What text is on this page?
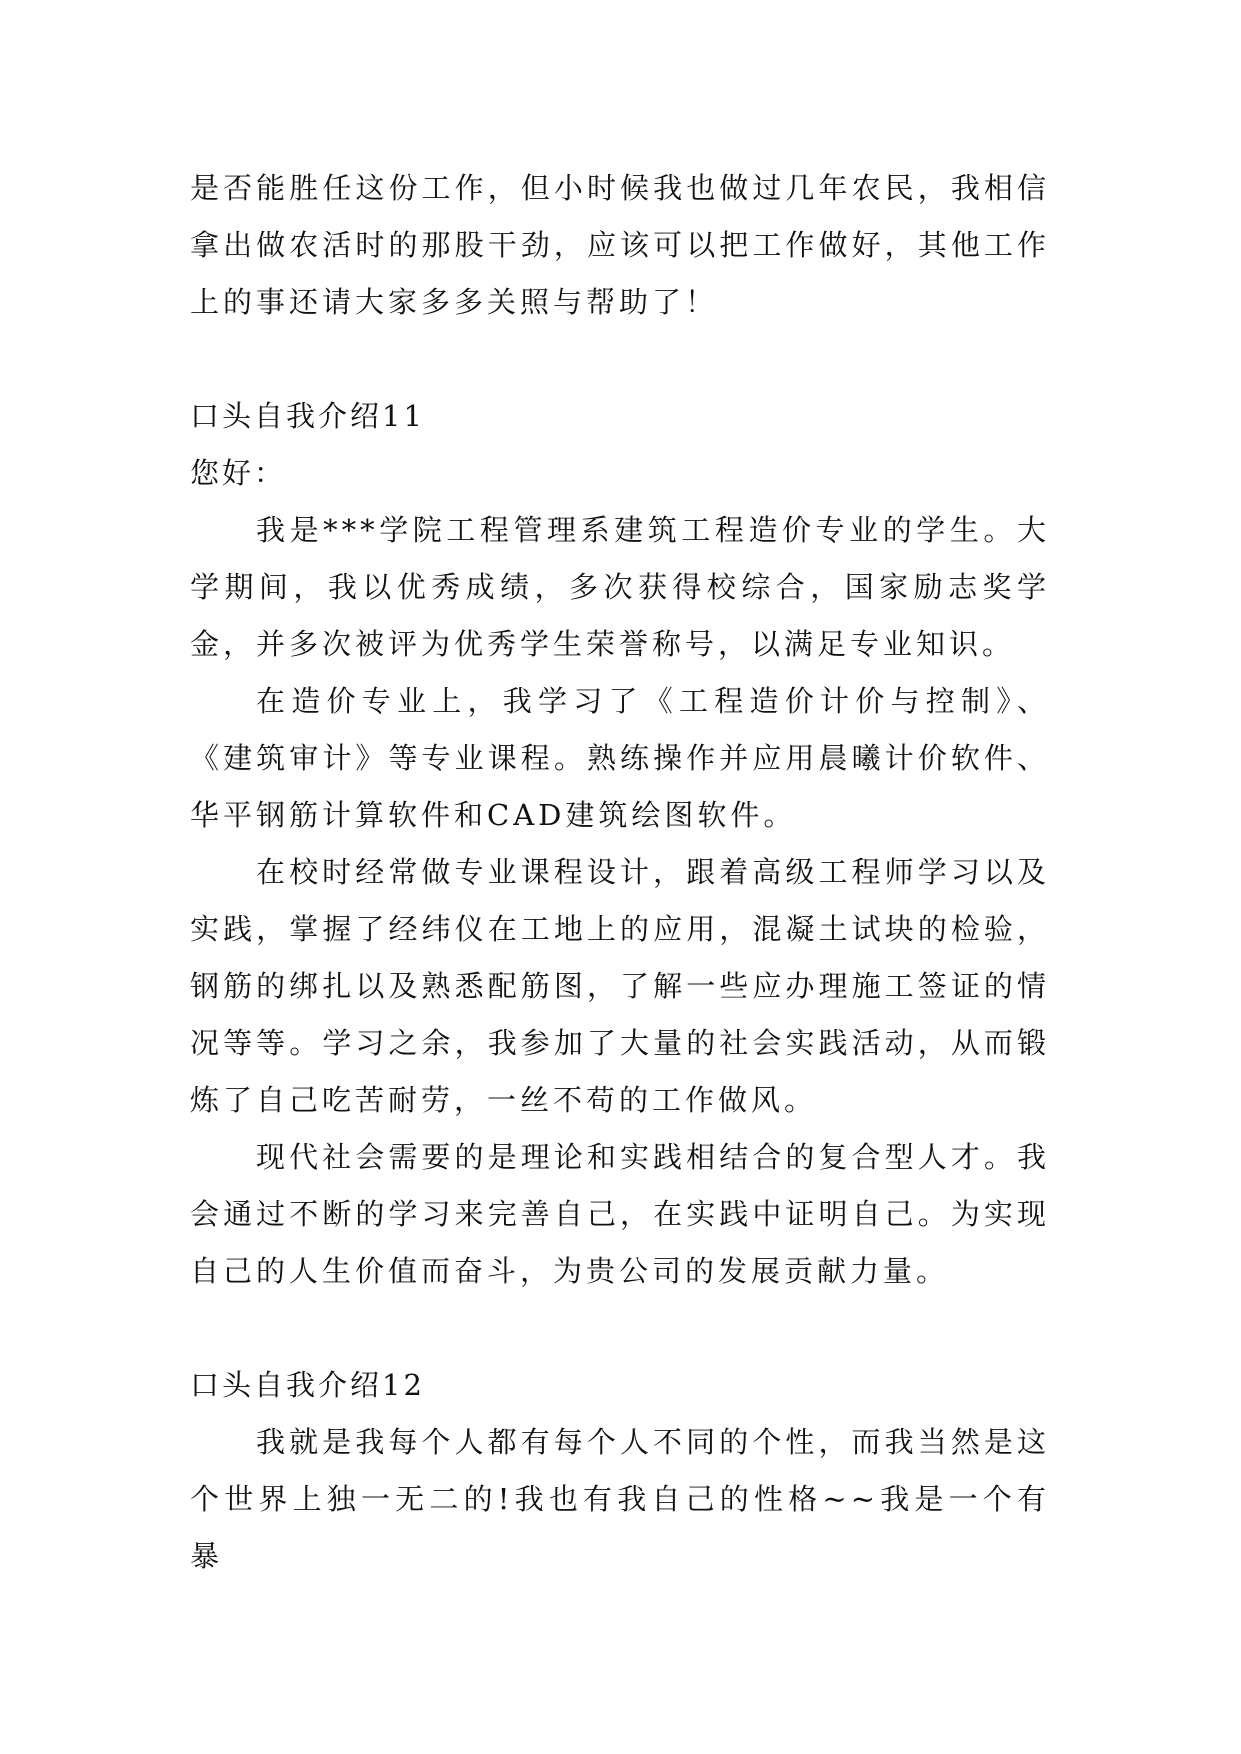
是否能胜任这份工作，但小时候我也做过几年农民，我相信拿出做农活时的那股干劲，应该可以把工作做好，其他工作上的事还请大家多多关照与帮助了！

口头自我介绍11

您好：

我是***学院工程管理系建筑工程造价专业的学生。大学期间，我以优秀成绩，多次获得校综合，国家励志奖学金，并多次被评为优秀学生荣誉称号，以满足专业知识。

在造价专业上，我学习了《工程造价计价与控制》、《建筑审计》等专业课程。熟练操作并应用晨曦计价软件、华平钢筋计算软件和CAD建筑绘图软件。

在校时经常做专业课程设计，跟着高级工程师学习以及实践，掌握了经纬仪在工地上的应用，混凝土试块的检验，钢筋的绑扎以及熟悉配筋图，了解一些应办理施工签证的情况等等。学习之余，我参加了大量的社会实践活动，从而锻炼了自己吃苦耐劳，一丝不苟的工作做风。

现代社会需要的是理论和实践相结合的复合型人才。我会通过不断的学习来完善自己，在实践中证明自己。为实现自己的人生价值而奋斗，为贵公司的发展贡献力量。

口头自我介绍12

我就是我每个人都有每个人不同的个性，而我当然是这个世界上独一无二的!我也有我自己的性格~~我是一个有暴
